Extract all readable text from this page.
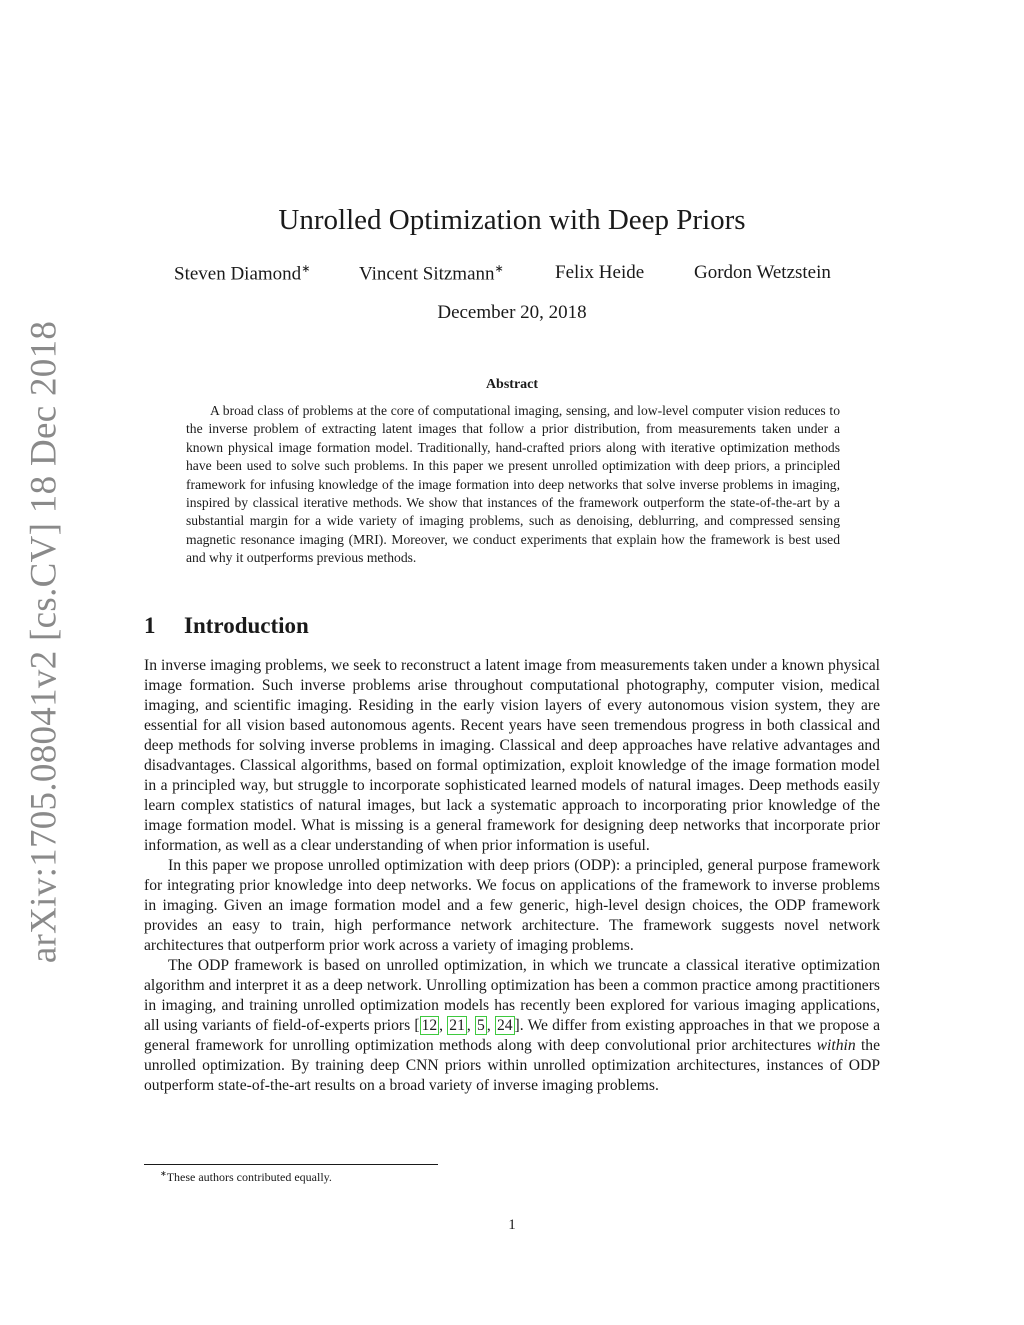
arXiv:1705.08041v2 [cs.CV] 18 Dec 2018
Unrolled Optimization with Deep Priors
Steven Diamond∗	Vincent Sitzmann∗	Felix Heide	Gordon Wetzstein
December 20, 2018
Abstract

A broad class of problems at the core of computational imaging, sensing, and low-level computer vision reduces to the inverse problem of extracting latent images that follow a prior distribution, from measurements taken under a known physical image formation model. Traditionally, hand-crafted priors along with iterative optimization methods have been used to solve such problems. In this paper we present unrolled optimization with deep priors, a principled framework for infusing knowledge of the image formation into deep networks that solve inverse problems in imaging, inspired by classical iterative methods. We show that instances of the framework outperform the state-of-the-art by a substantial margin for a wide variety of imaging problems, such as denoising, deblurring, and compressed sensing magnetic resonance imaging (MRI). Moreover, we conduct experiments that explain how the framework is best used and why it outperforms previous methods.

1 Introduction

In inverse imaging problems, we seek to reconstruct a latent image from measurements taken under a known physical image formation. Such inverse problems arise throughout computational photography, computer vision, medical imaging, and scientific imaging. Residing in the early vision layers of every autonomous vision system, they are essential for all vision based autonomous agents. Recent years have seen tremendous progress in both classical and deep methods for solving inverse problems in imaging. Classical and deep approaches have relative advantages and disadvantages. Classical algorithms, based on formal optimization, exploit knowledge of the image formation model in a principled way, but struggle to incorporate sophisticated learned models of natural images. Deep methods easily learn complex statistics of natural images, but lack a systematic approach to incorporating prior knowledge of the image formation model. What is missing is a general framework for designing deep networks that incorporate prior information, as well as a clear understanding of when prior information is useful.

In this paper we propose unrolled optimization with deep priors (ODP): a principled, general purpose framework for integrating prior knowledge into deep networks. We focus on applications of the framework to inverse problems in imaging. Given an image formation model and a few generic, high-level design choices, the ODP framework provides an easy to train, high performance network architecture. The framework suggests novel network architectures that outperform prior work across a variety of imaging problems.

The ODP framework is based on unrolled optimization, in which we truncate a classical iterative optimization algorithm and interpret it as a deep network. Unrolling optimization has been a common practice among practitioners in imaging, and training unrolled optimization models has recently been explored for various imaging applications, all using variants of field-of-experts priors [ 12 , 21 , 5 , 24 ]. We differ from existing approaches in that we propose a general framework for unrolling optimization methods along with deep convolutional prior architectures within the unrolled optimization. By training deep CNN priors within unrolled optimization architectures, instances of ODP outperform state-of-the-art results on a broad variety of inverse imaging problems.

∗These authors contributed equally.
1
